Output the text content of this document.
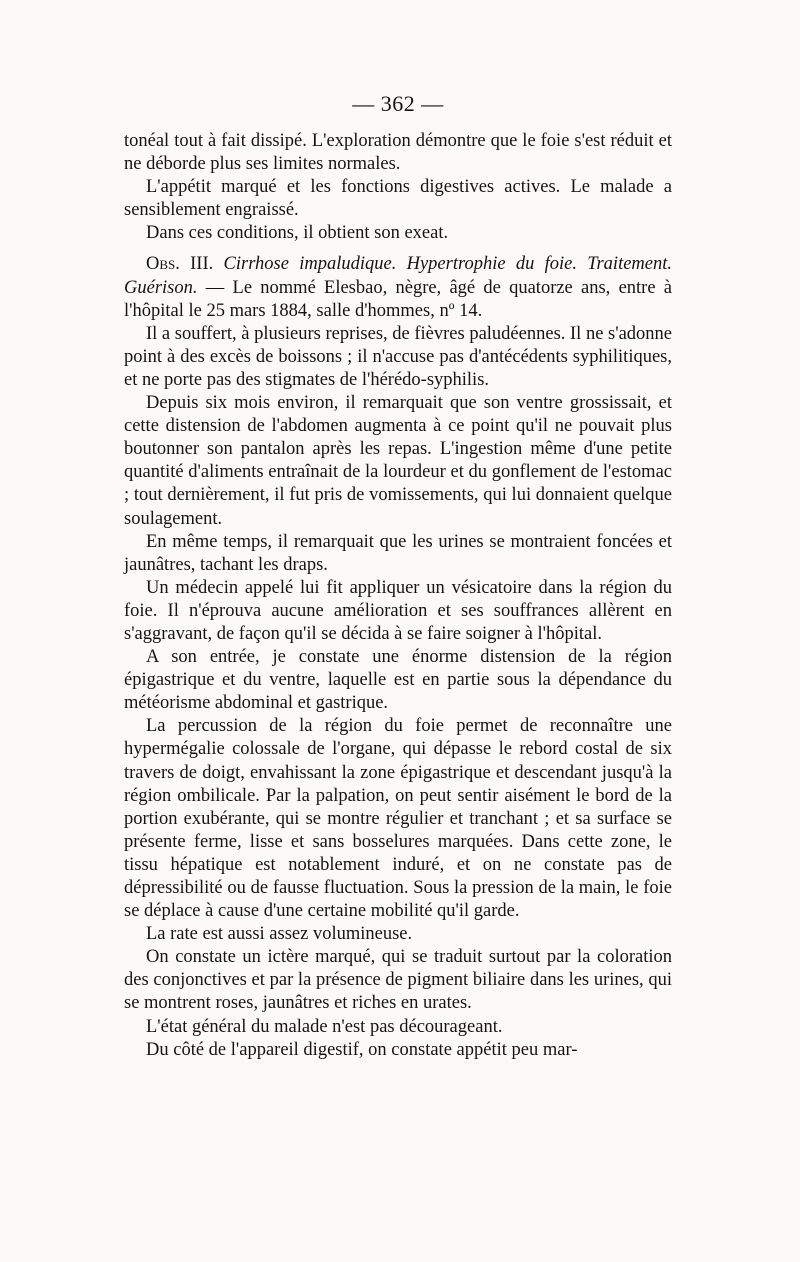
— 362 —

tonéal tout à fait dissipé. L'exploration démontre que le foie s'est réduit et ne déborde plus ses limites normales.

L'appétit marqué et les fonctions digestives actives. Le malade a sensiblement engraissé.

Dans ces conditions, il obtient son exeat.

Obs. III. Cirrhose impaludique. Hypertrophie du foie. Traitement. Guérison. — Le nommé Elesbao, nègre, âgé de quatorze ans, entre à l'hôpital le 25 mars 1884, salle d'hommes, nº 14.

Il a souffert, à plusieurs reprises, de fièvres paludéennes. Il ne s'adonne point à des excès de boissons ; il n'accuse pas d'antécédents syphilitiques, et ne porte pas des stigmates de l'hérédo-syphilis.

Depuis six mois environ, il remarquait que son ventre grossissait, et cette distension de l'abdomen augmenta à ce point qu'il ne pouvait plus boutonner son pantalon après les repas. L'ingestion même d'une petite quantité d'aliments entraînait de la lourdeur et du gonflement de l'estomac ; tout dernièrement, il fut pris de vomissements, qui lui donnaient quelque soulagement.

En même temps, il remarquait que les urines se montraient foncées et jaunâtres, tachant les draps.

Un médecin appelé lui fit appliquer un vésicatoire dans la région du foie. Il n'éprouva aucune amélioration et ses souffrances allèrent en s'aggravant, de façon qu'il se décida à se faire soigner à l'hôpital.

A son entrée, je constate une énorme distension de la région épigastrique et du ventre, laquelle est en partie sous la dépendance du météorisme abdominal et gastrique.

La percussion de la région du foie permet de reconnaître une hypermégalie colossale de l'organe, qui dépasse le rebord costal de six travers de doigt, envahissant la zone épigastrique et descendant jusqu'à la région ombilicale. Par la palpation, on peut sentir aisément le bord de la portion exubérante, qui se montre régulier et tranchant ; et sa surface se présente ferme, lisse et sans bosselures marquées. Dans cette zone, le tissu hépatique est notablement induré, et on ne constate pas de dépressibilité ou de fausse fluctuation. Sous la pression de la main, le foie se déplace à cause d'une certaine mobilité qu'il garde.

La rate est aussi assez volumineuse.

On constate un ictère marqué, qui se traduit surtout par la coloration des conjonctives et par la présence de pigment biliaire dans les urines, qui se montrent roses, jaunâtres et riches en urates.

L'état général du malade n'est pas décourageant.

Du côté de l'appareil digestif, on constate appétit peu mar-
